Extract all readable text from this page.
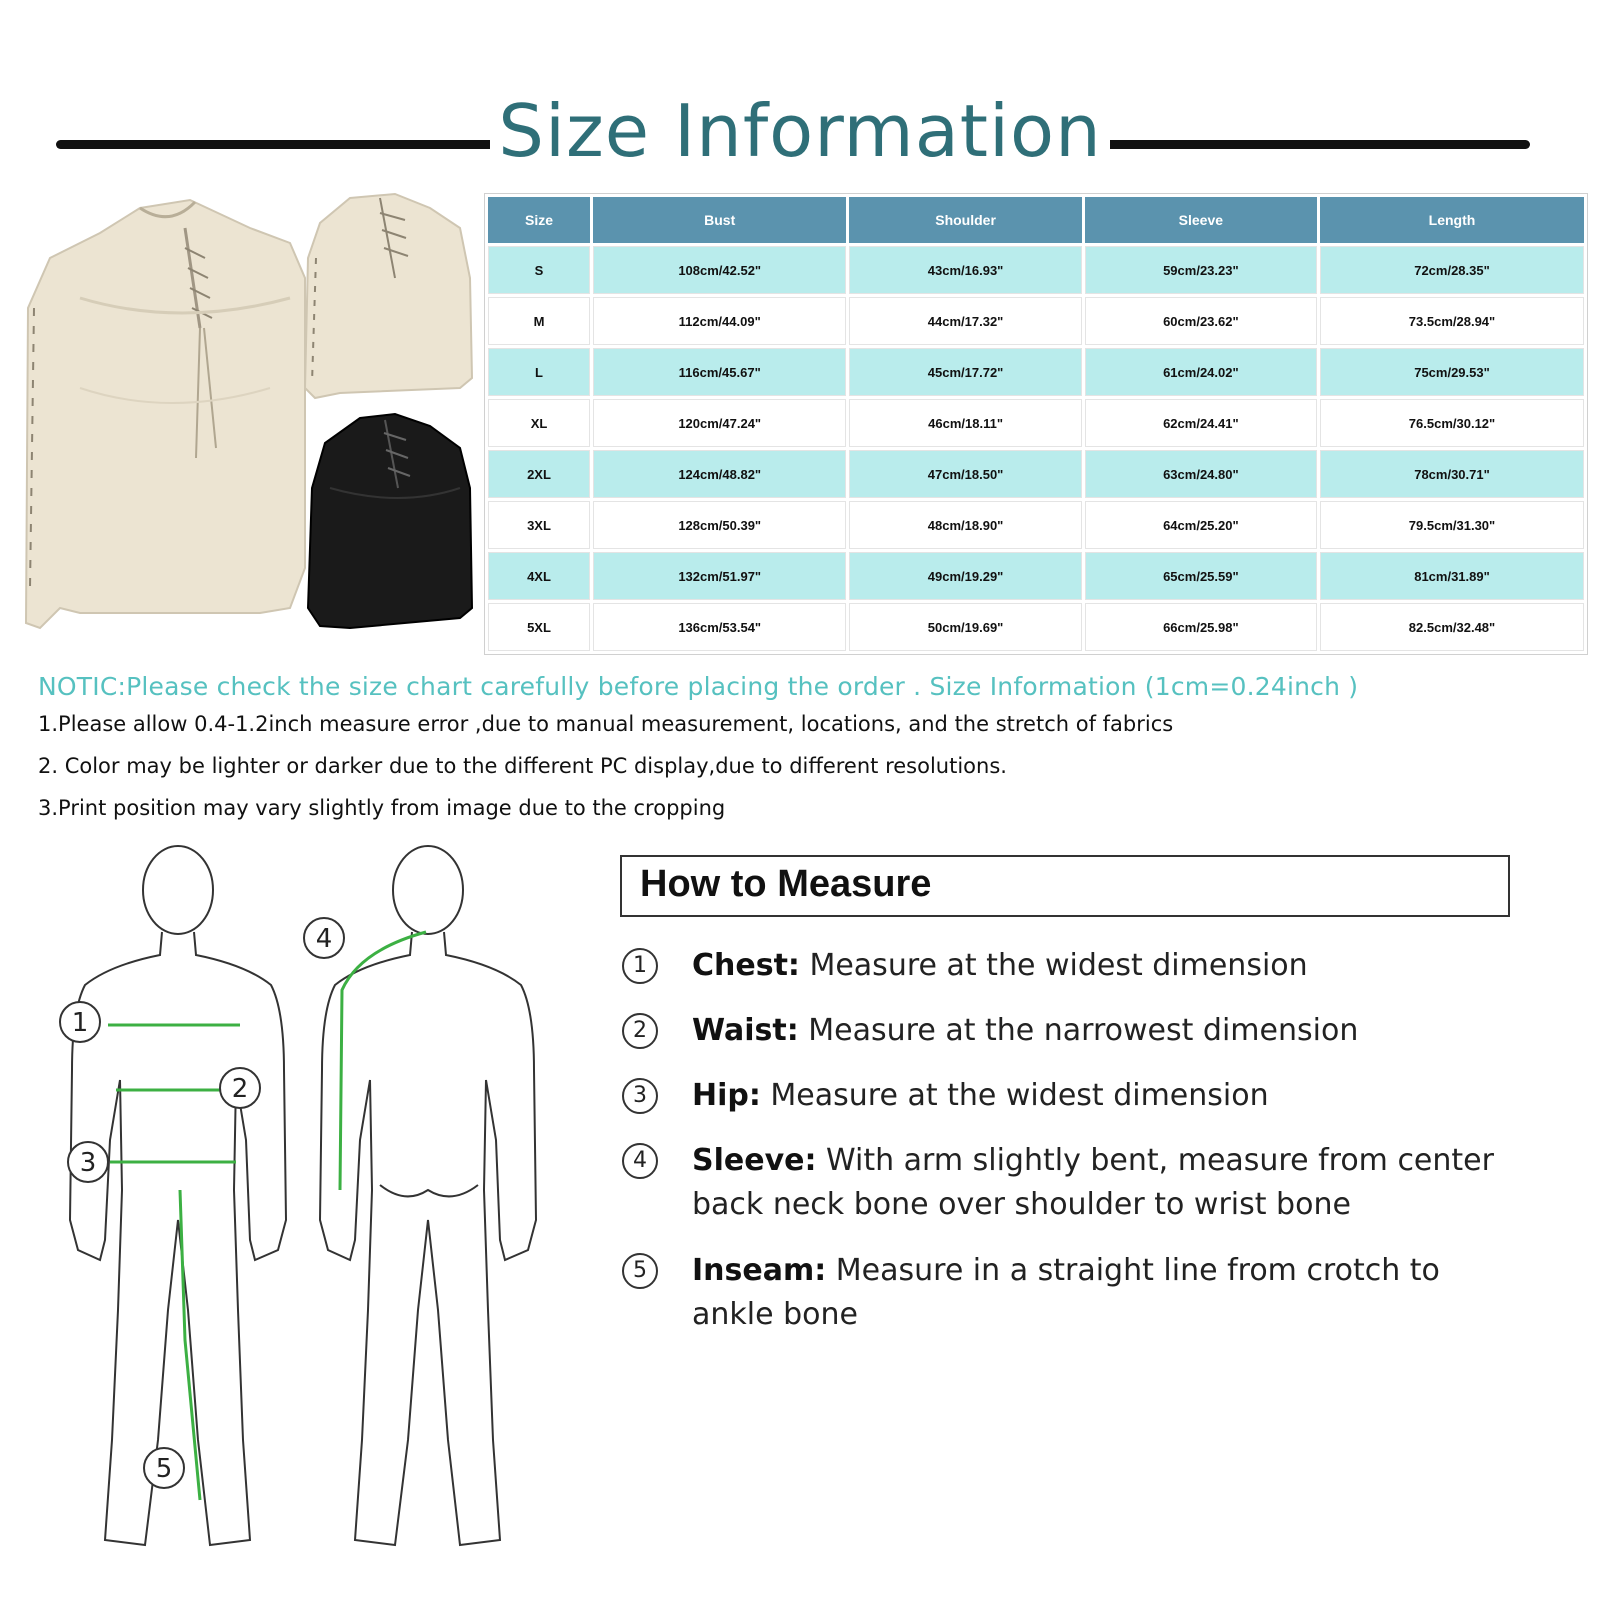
Size Information
Size	Bust	Shoulder	Sleeve	Length
S	108cm/42.52"	43cm/16.93"	59cm/23.23"	72cm/28.35"
M	112cm/44.09"	44cm/17.32"	60cm/23.62"	73.5cm/28.94"
L	116cm/45.67"	45cm/17.72"	61cm/24.02"	75cm/29.53"
XL	120cm/47.24"	46cm/18.11"	62cm/24.41"	76.5cm/30.12"
2XL	124cm/48.82"	47cm/18.50"	63cm/24.80"	78cm/30.71"
3XL	128cm/50.39"	48cm/18.90"	64cm/25.20"	79.5cm/31.30"
4XL	132cm/51.97"	49cm/19.29"	65cm/25.59"	81cm/31.89"
5XL	136cm/53.54"	50cm/19.69"	66cm/25.98"	82.5cm/32.48"
NOTIC:Please check the size chart carefully before placing the order . Size Information (1cm=0.24inch )
1.Please allow 0.4-1.2inch measure error ,due to manual measurement, locations, and the stretch of fabrics
2. Color may be lighter or darker due to the different PC display,due to different resolutions.
3.Print position may vary slightly from image due to the cropping
1
2
3
4
5
How to Measure
1	Chest: Measure at the widest dimension
2	Waist: Measure at the narrowest dimension
3	Hip: Measure at the widest dimension
4	Sleeve: With arm slightly bent, measure from center back neck bone over shoulder to wrist bone
5	Inseam: Measure in a straight line from crotch to ankle bone
